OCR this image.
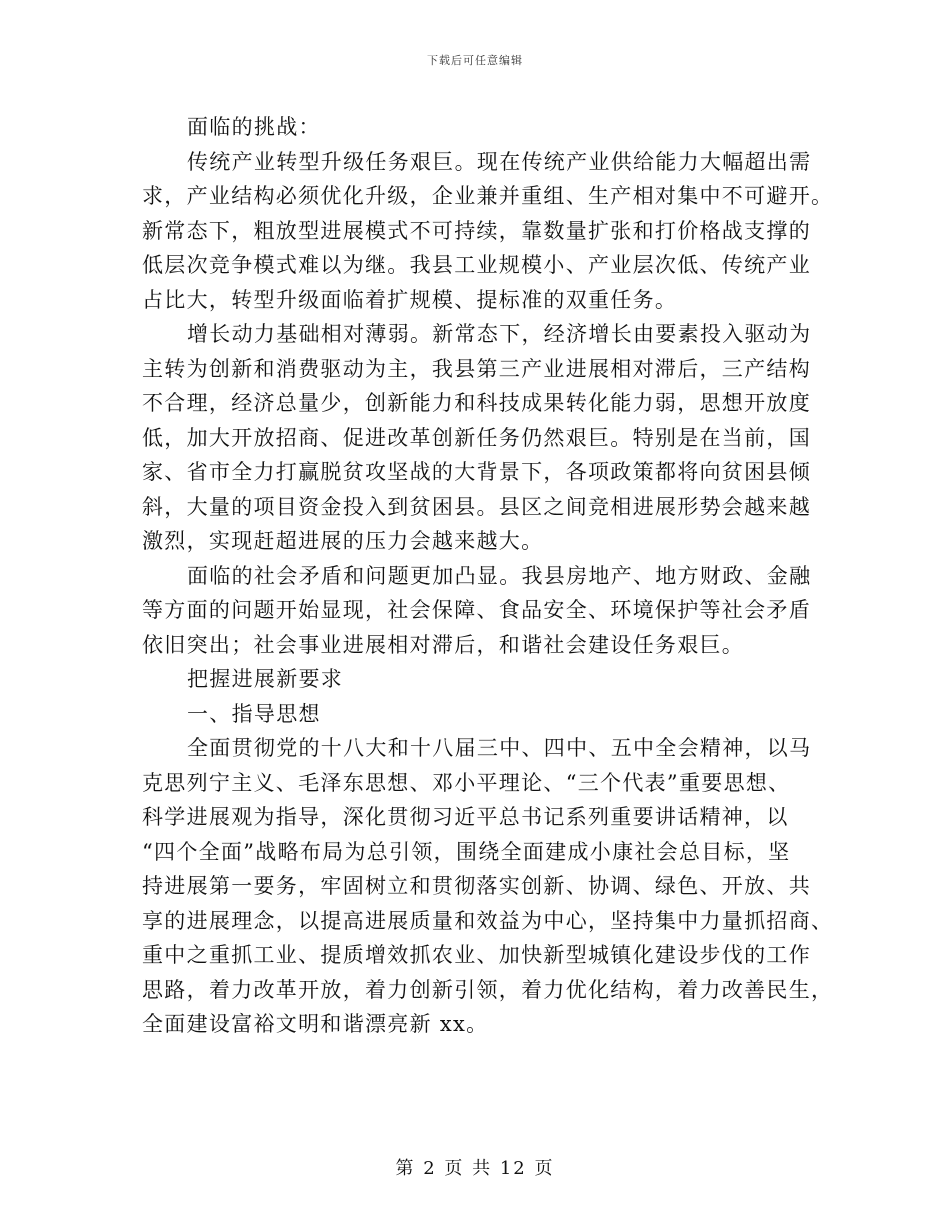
下载后可任意编辑
面临的挑战：
传统产业转型升级任务艰巨。现在传统产业供给能力大幅超出需
求，产业结构必须优化升级，企业兼并重组、生产相对集中不可避开。
新常态下，粗放型进展模式不可持续，靠数量扩张和打价格战支撑的
低层次竞争模式难以为继。我县工业规模小、产业层次低、传统产业
占比大，转型升级面临着扩规模、提标准的双重任务。
增长动力基础相对薄弱。新常态下，经济增长由要素投入驱动为
主转为创新和消费驱动为主，我县第三产业进展相对滞后，三产结构
不合理，经济总量少，创新能力和科技成果转化能力弱，思想开放度
低，加大开放招商、促进改革创新任务仍然艰巨。特别是在当前，国
家、省市全力打赢脱贫攻坚战的大背景下，各项政策都将向贫困县倾
斜，大量的项目资金投入到贫困县。县区之间竞相进展形势会越来越
激烈，实现赶超进展的压力会越来越大。
面临的社会矛盾和问题更加凸显。我县房地产、地方财政、金融
等方面的问题开始显现，社会保障、食品安全、环境保护等社会矛盾
依旧突出；社会事业进展相对滞后，和谐社会建设任务艰巨。
把握进展新要求
一、指导思想
全面贯彻党的十八大和十八届三中、四中、五中全会精神，以马
克思列宁主义、毛泽东思想、邓小平理论、“三个代表”重要思想、
科学进展观为指导，深化贯彻习近平总书记系列重要讲话精神，以
“四个全面”战略布局为总引领，围绕全面建成小康社会总目标，坚
持进展第一要务，牢固树立和贯彻落实创新、协调、绿色、开放、共
享的进展理念，以提高进展质量和效益为中心，坚持集中力量抓招商、
重中之重抓工业、提质增效抓农业、加快新型城镇化建设步伐的工作
思路，着力改革开放，着力创新引领，着力优化结构，着力改善民生，
全面建设富裕文明和谐漂亮新 xx。
第 2 页 共 12 页
